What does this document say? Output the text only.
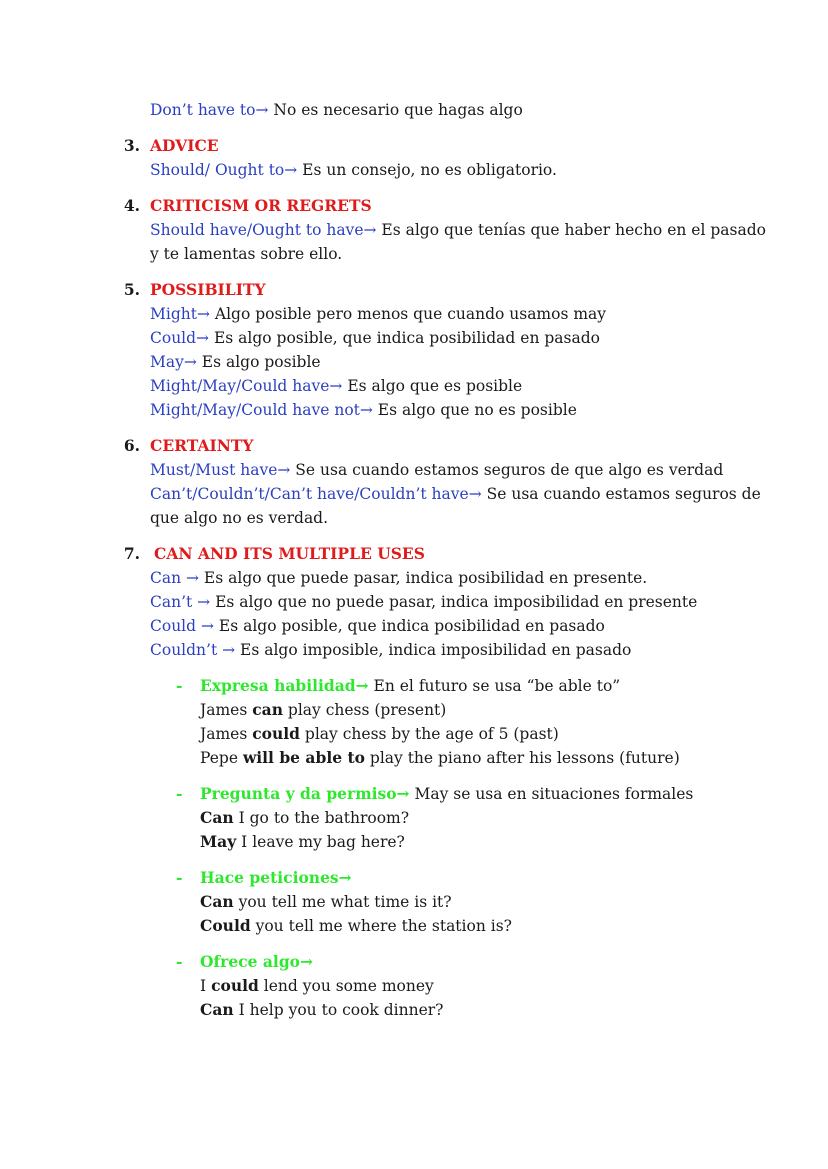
Don’t have to→ No es necesario que hagas algo
3. ADVICE
Should/ Ought to→ Es un consejo, no es obligatorio.
4. CRITICISM OR REGRETS
Should have/Ought to have→ Es algo que tenías que haber hecho en el pasado
y te lamentas sobre ello.
5. POSSIBILITY
Might→ Algo posible pero menos que cuando usamos may
Could→ Es algo posible, que indica posibilidad en pasado
May→ Es algo posible
Might/May/Could have→ Es algo que es posible
Might/May/Could have not→ Es algo que no es posible
6. CERTAINTY
Must/Must have→ Se usa cuando estamos seguros de que algo es verdad
Can’t/Couldn’t/Can’t have/Couldn’t have→ Se usa cuando estamos seguros de
que algo no es verdad.
7. CAN AND ITS MULTIPLE USES
Can → Es algo que puede pasar, indica posibilidad en presente.
Can’t → Es algo que no puede pasar, indica imposibilidad en presente
Could → Es algo posible, que indica posibilidad en pasado
Couldn’t → Es algo imposible, indica imposibilidad en pasado
- Expresa habilidad→ En el futuro se usa “be able to”
James can play chess (present)
James could play chess by the age of 5 (past)
Pepe will be able to play the piano after his lessons (future)
- Pregunta y da permiso→ May se usa en situaciones formales
Can I go to the bathroom?
May I leave my bag here?
- Hace peticiones→
Can you tell me what time is it?
Could you tell me where the station is?
- Ofrece algo→
I could lend you some money
Can I help you to cook dinner?
